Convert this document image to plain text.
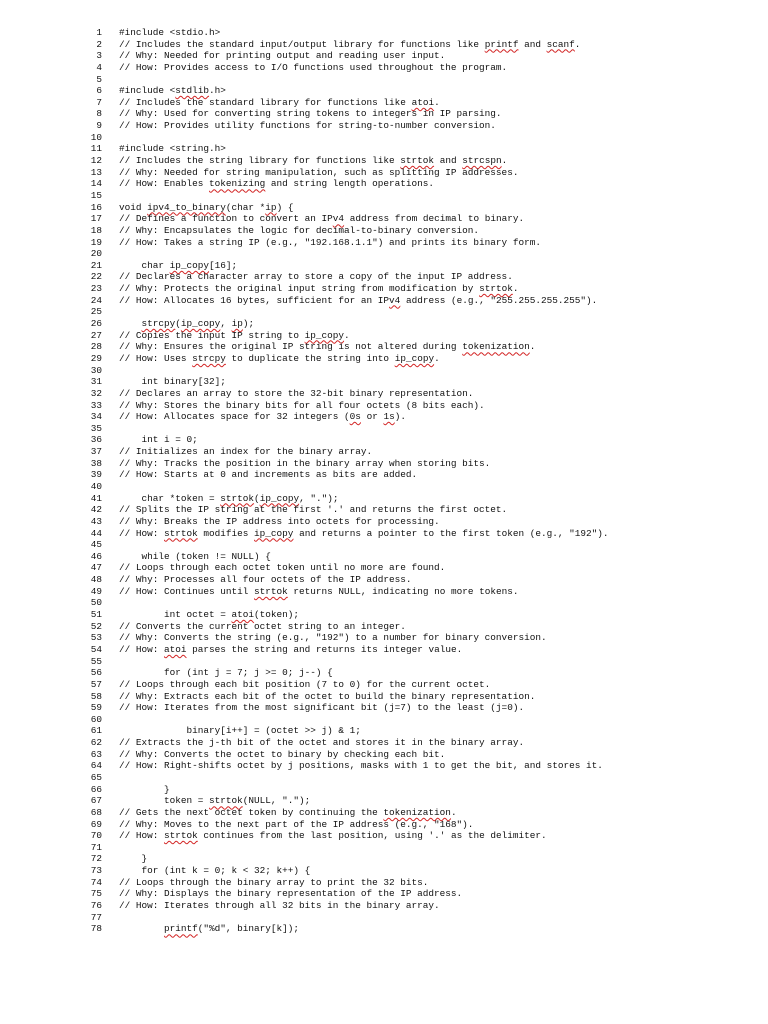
1 #include <stdio.h>
2 // Includes the standard input/output library for functions like printf and scanf.
3 // Why: Needed for printing output and reading user input.
4 // How: Provides access to I/O functions used throughout the program.
5
6 #include <stdlib.h>
7 // Includes the standard library for functions like atoi.
8 // Why: Used for converting string tokens to integers in IP parsing.
9 // How: Provides utility functions for string-to-number conversion.
10
11 #include <string.h>
12 // Includes the string library for functions like strtok and strcspn.
13 // Why: Needed for string manipulation, such as splitting IP addresses.
14 // How: Enables tokenizing and string length operations.
15
16 void ipv4_to_binary(char *ip) {
17 // Defines a function to convert an IPv4 address from decimal to binary.
18 // Why: Encapsulates the logic for decimal-to-binary conversion.
19 // How: Takes a string IP (e.g., "192.168.1.1") and prints its binary form.
20
21 char ip_copy[16];
22 // Declares a character array to store a copy of the input IP address.
23 // Why: Protects the original input string from modification by strtok.
24 // How: Allocates 16 bytes, sufficient for an IPv4 address (e.g., "255.255.255.255").
25
26	strcpy(ip_copy, ip);
27 // Copies the input IP string to ip_copy.
28 // Why: Ensures the original IP string is not altered during tokenization.
29 // How: Uses strcpy to duplicate the string into ip_copy.
30
31 int binary[32];
32 // Declares an array to store the 32-bit binary representation.
33 // Why: Stores the binary bits for all four octets (8 bits each).
34 // How: Allocates space for 32 integers (0s or 1s).
35
36 int i = 0;
37 // Initializes an index for the binary array.
38 // Why: Tracks the position in the binary array when storing bits.
39 // How: Starts at 0 and increments as bits are added.
40
41 char *token = strtok(ip_copy, ".");
42 // Splits the IP string at the first '.' and returns the first octet.
43 // Why: Breaks the IP address into octets for processing.
44 // How: strtok modifies ip_copy and returns a pointer to the first token (e.g., "192").
45
46 while (token != NULL) {
47 // Loops through each octet token until no more are found.
48 // Why: Processes all four octets of the IP address.
49 // How: Continues until strtok returns NULL, indicating no more tokens.
50
51 int octet = atoi(token);
52 // Converts the current octet string to an integer.
53 // Why: Converts the string (e.g., "192") to a number for binary conversion.
54 // How: atoi parses the string and returns its integer value.
55
56 for (int j = 7; j >= 0; j--) {
57 // Loops through each bit position (7 to 0) for the current octet.
58 // Why: Extracts each bit of the octet to build the binary representation.
59 // How: Iterates from the most significant bit (j=7) to the least (j=0).
60
61 binary[i++] = (octet >> j) & 1;
62 // Extracts the j-th bit of the octet and stores it in the binary array.
63 // Why: Converts the octet to binary by checking each bit.
64 // How: Right-shifts octet by j positions, masks with 1 to get the bit, and stores it.
65
66 }
67 token = strtok(NULL, ".");
68 // Gets the next octet token by continuing the tokenization.
69 // Why: Moves to the next part of the IP address (e.g., "168").
70 // How: strtok continues from the last position, using '.' as the delimiter.
71
72 }
73 for (int k = 0; k < 32; k++) {
74 // Loops through the binary array to print the 32 bits.
75 // Why: Displays the binary representation of the IP address.
76 // How: Iterates through all 32 bits in the binary array.
77
78	printf("%d", binary[k]);
